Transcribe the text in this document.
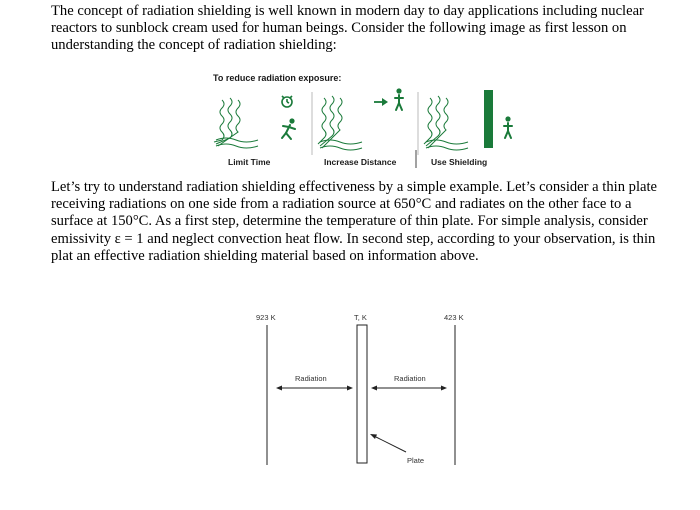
The concept of radiation shielding is well known in modern day to day applications including nuclear reactors to sunblock cream used for human beings. Consider the following image as first lesson on understanding the concept of radiation shielding:
To reduce radiation exposure:
Limit Time	Increase Distance	Use Shielding
Let’s try to understand radiation shielding effectiveness by a simple example. Let’s consider a thin plate receiving radiations on one side from a radiation source at 650°C and radiates on the other face to a surface at 150°C. As a first step, determine the temperature of thin plate. For simple analysis, consider emissivity ε = 1 and neglect convection heat flow. In second step, according to your observation, is thin plat an effective radiation shielding material based on information above.
923 K	T, K	423 K
Radiation	Radiation
Plate
